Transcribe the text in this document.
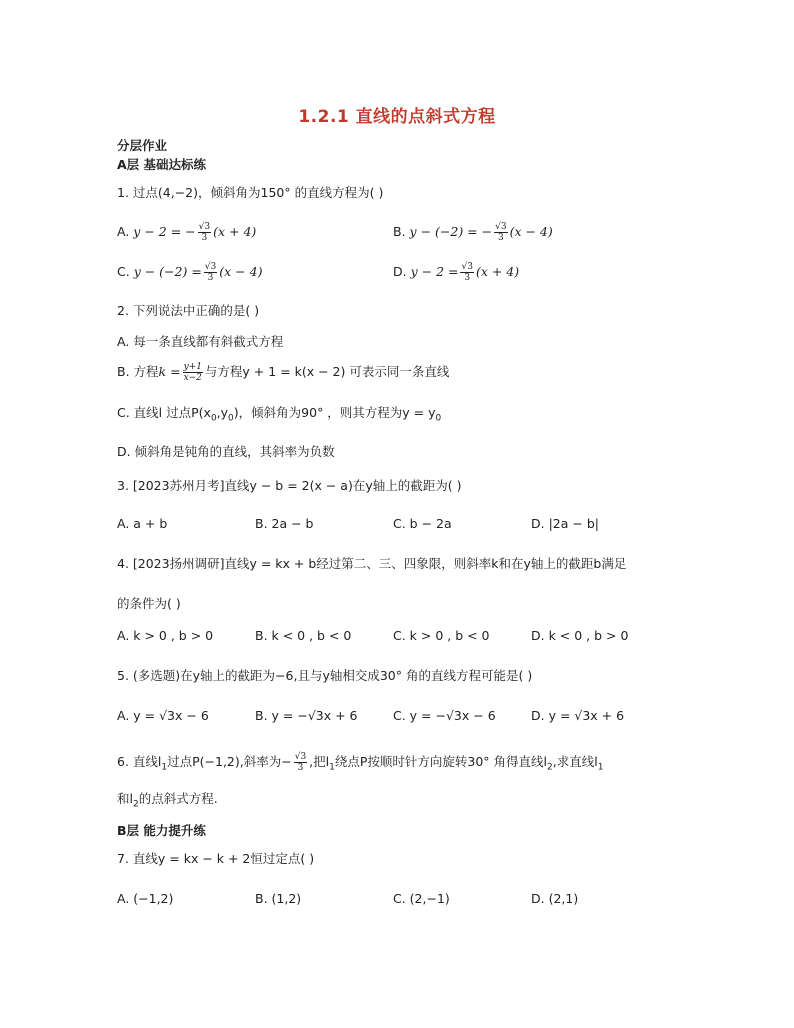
1.2.1 直线的点斜式方程
分层作业
A层 基础达标练
1. 过点(4,−2)，倾斜角为150° 的直线方程为( )
A. y − 2 = − $\frac{√3}{3} (x + 4)$	B. y − (−2) = − $\frac{√3}{3} (x - 4)$
C. $y - (-2) = \frac{√3}{3} (x - 4)$	D. $y - 2 = \frac{√3}{3} (x + 4)$
2. 下列说法中正确的是( )
A. 每一条直线都有斜截式方程
B. 方程$k = \frac{y+1}{x-2}$ 与方程y + 1 = k(x − 2) 可表示同一条直线
C. 直线l 过点$P(x_0,y_0)$，倾斜角为90° ，则其方程为$y = y_0$
D. 倾斜角是钝角的直线，其斜率为负数
3. [2023苏州月考]直线y − b = 2(x − a)在y轴上的截距为( )
A. a + b	B. 2a − b	C. b − 2a	D. |2a − b|
4. [2023扬州调研]直线y = kx + b经过第二、三、四象限，则斜率k和在y轴上的截距b满足
的条件为( )
A. k > 0 , b > 0	B. k < 0 , b < 0	C. k > 0 , b < 0	D. k < 0 , b > 0
5. (多选题)在y轴上的截距为−6,且与y轴相交成30° 角的直线方程可能是( )
A. y = √3x − 6	B. y = −√3x + 6	C. y = −√3x − 6	D. y = √3x + 6
6. 直线$l_1$过点P(−1,2),斜率为− $\frac{√3}{3}$ ,把$l_1$绕点P按顺时针方向旋转30° 角得直线$l_2$,求直线$l_1$
和$l_2$的点斜式方程.
B层 能力提升练
7. 直线y = kx − k + 2恒过定点( )
A. (−1,2)	B. (1,2)	C. (2,−1)	D. (2,1)
